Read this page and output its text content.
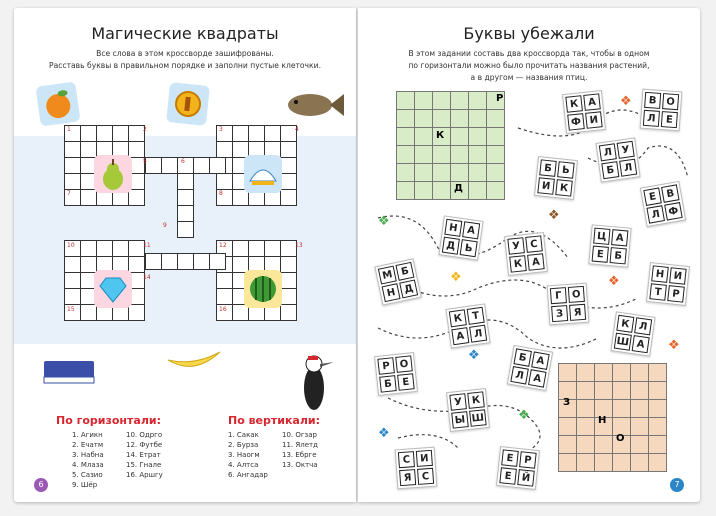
Магические квадраты
Все слова в этом кроссворде зашифрованы.
Расставь буквы в правильном порядке и заполни пустые клеточки.
1	2	3	4
5	6
7	8
9
10	11	12	13
14
15	16
По горизонтали:
1. Агикн
2. Ечатм
3. Набна
4. Млаза
5. Сазио
9. Шёр
10. Одрго
12. Футбе
14. Етрат
15. Гнале
16. Аршгу
По вертикали:
1. Сакак
2. Бурза
3. Наогм
4. Алтса
6. Ангадар
10. Огзар
11. Ялетд
13. Ебрге
13. Октча
6
Буквы убежали
В этом задании составь два кроссворда так, чтобы в одном
по горизонтали можно было прочитать названия растений,
а в другом — названия птиц.
Р
К
Д
З
Н
О
К А
Ф И
В О
Л Е
Л У
Б Л
Б Ь
И К
Е В
Л Ф
Н А
Д Ь	У С
К А
Ц А
Е Б
М Б
Н Д
Н И
Т Р
Г О
З Я
К Т
А Л
К Л
Ш А
Р О
Б Е
Б А
Л А
У К
Ы Ш
С И
Я С
Е Р
Е Й
❖
❖	❖
❖
❖
❖
❖
❖
❖
7
